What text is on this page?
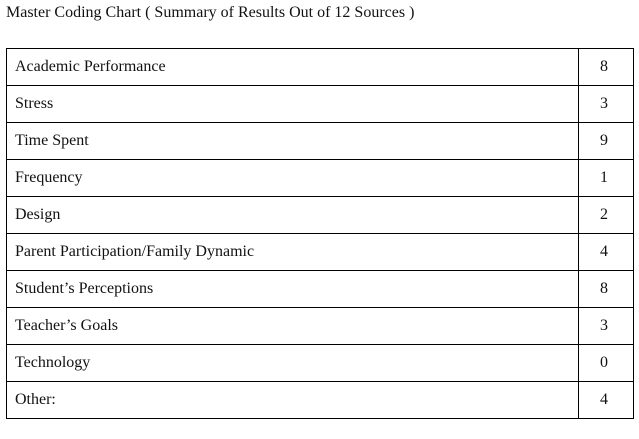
Master Coding Chart ( Summary of Results Out of 12 Sources )
Academic Performance	8
Stress	3
Time Spent	9
Frequency	1
Design	2
Parent Participation/Family Dynamic	4
Student’s Perceptions	8
Teacher’s Goals	3
Technology	0
Other:	4
